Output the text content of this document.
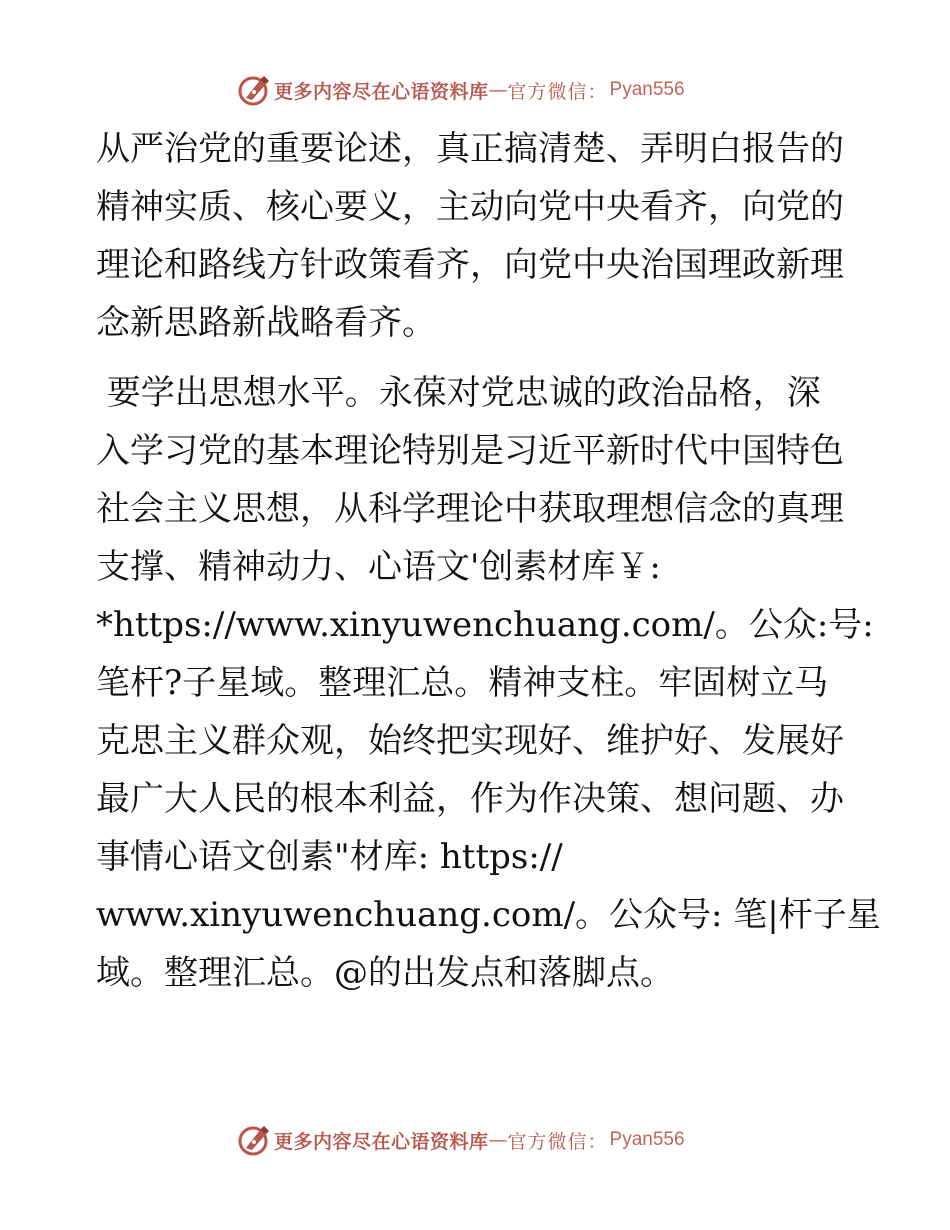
更多内容尽在心语资料库 — 官方微信： Pyan556
从严治党的重要论述，真正搞清楚、弄明白报告的
精神实质、核心要义，主动向党中央看齐，向党的
理论和路线方针政策看齐，向党中央治国理政新理
念新思路新战略看齐。
要学出思想水平。永葆对党忠诚的政治品格，深
入学习党的基本理论特别是习近平新时代中国特色
社会主义思想，从科学理论中获取理想信念的真理
支撑、精神动力、心语文'创素材库￥:
*https://www.xinyuwenchuang.com/。公众:号:
笔杆?子星域。整理汇总。精神支柱。牢固树立马
克思主义群众观，始终把实现好、维护好、发展好
最广大人民的根本利益，作为作决策、想问题、办
事情心语文创素"材库: https://
www.xinyuwenchuang.com/。公众号: 笔|杆子星
域。整理汇总。@的出发点和落脚点。
更多内容尽在心语资料库 — 官方微信： Pyan556
